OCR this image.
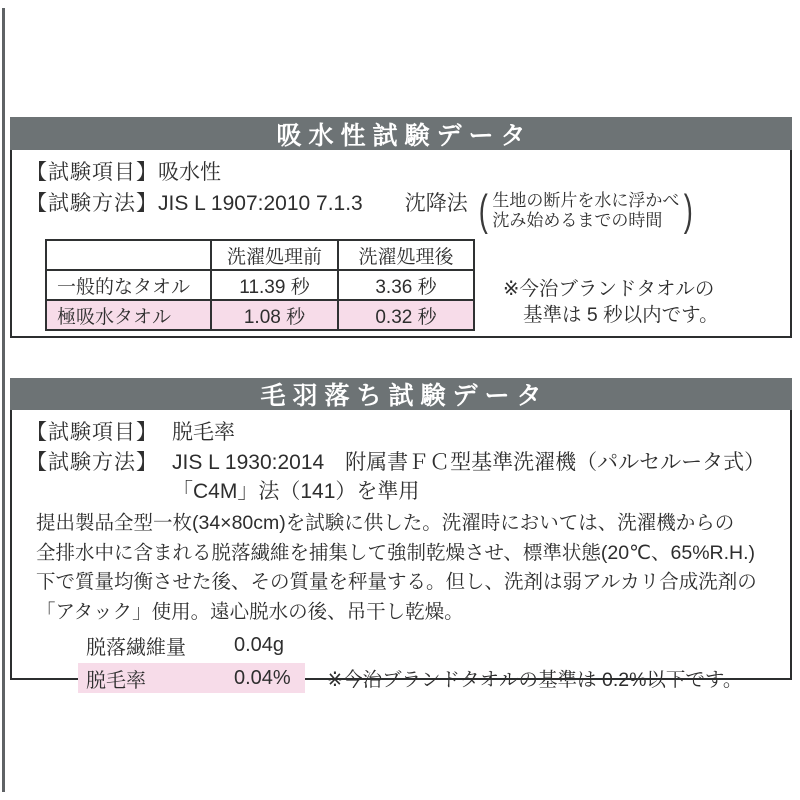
吸水性試験データ
【試験項目】吸水性
【試験方法】 JIS L 1907:2010 7.1.3 沈降法 ( 生地の断片を水に浮かべ
沈み始めるまでの時間 )
	洗濯処理前	洗濯処理後
一般的なタオル	11.39 秒	3.36 秒
極吸水タオル	1.08 秒	0.32 秒
※今治ブランドタオルの
基準は 5 秒以内です。
毛羽落ち試験データ
【試験項目】 脱毛率
【試験方法】 JIS L 1930:2014　附属書ＦＣ型基準洗濯機（パルセルータ式）
「C4M」法（141）を準用
提出製品全型一枚(34×80cm)を試験に供した。洗濯時においては、洗濯機からの
全排水中に含まれる脱落繊維を捕集して強制乾燥させ、標準状態(20℃、65%R.H.)
下で質量均衡させた後、その質量を秤量する。但し、洗剤は弱アルカリ合成洗剤の
「アタック」使用。遠心脱水の後、吊干し乾燥。
脱落繊維量	0.04g
脱毛率	0.04% ※今治ブランドタオルの基準は 0.2%以下です。
